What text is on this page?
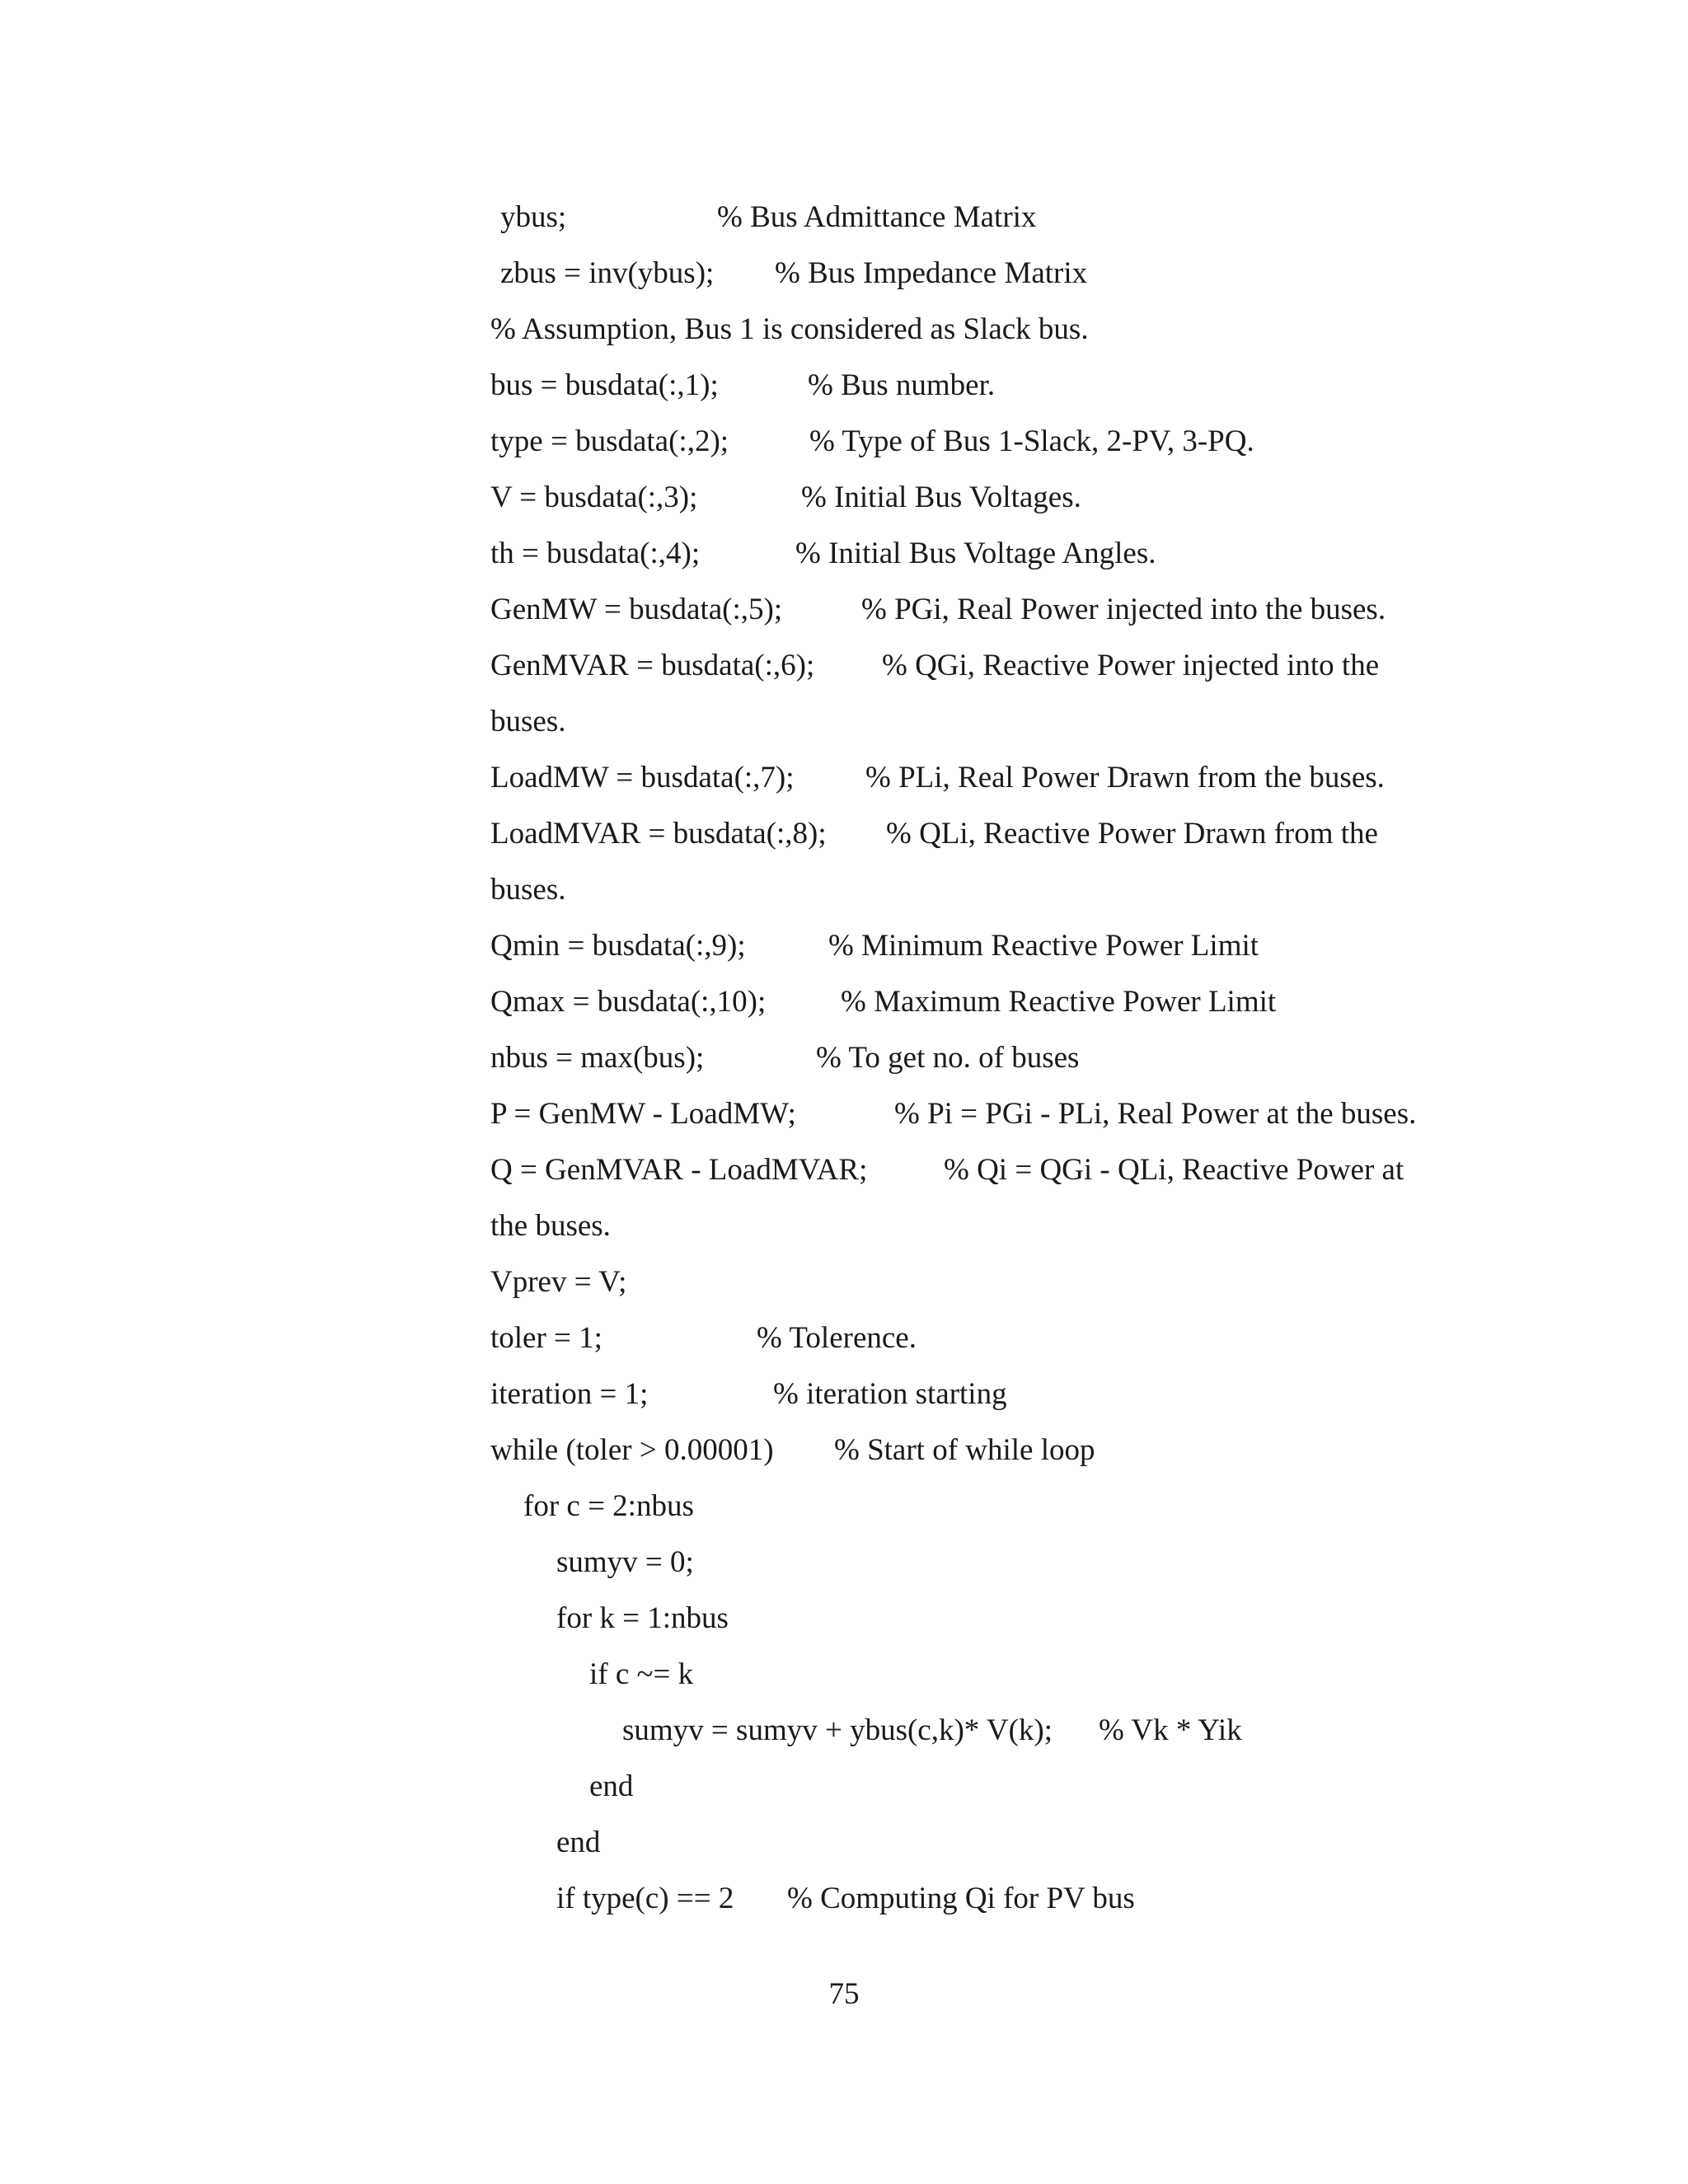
ybus;	% Bus Admittance Matrix
zbus = inv(ybus); % Bus Impedance Matrix
% Assumption, Bus 1 is considered as Slack bus.
bus = busdata(:,1);	% Bus number.
type = busdata(:,2);	% Type of Bus 1-Slack, 2-PV, 3-PQ.
V = busdata(:,3);	% Initial Bus Voltages.
th = busdata(:,4);	% Initial Bus Voltage Angles.
GenMW = busdata(:,5);	% PGi, Real Power injected into the buses.
GenMVAR = busdata(:,6); % QGi, Reactive Power injected into the
buses.
LoadMW = busdata(:,7); % PLi, Real Power Drawn from the buses.
LoadMVAR = busdata(:,8); % QLi, Reactive Power Drawn from the
buses.
Qmin = busdata(:,9);	% Minimum Reactive Power Limit
Qmax = busdata(:,10); % Maximum Reactive Power Limit
nbus = max(bus);	% To get no. of buses
P = GenMW - LoadMW;	% Pi = PGi - PLi, Real Power at the buses.
Q = GenMVAR - LoadMVAR;	% Qi = QGi - QLi, Reactive Power at
the buses.
Vprev = V;
toler = 1;	% Tolerence.
iteration = 1;	% iteration starting
while (toler > 0.00001) % Start of while loop
for c = 2:nbus
sumyv = 0;
for k = 1:nbus
if c ~= k
sumyv = sumyv + ybus(c,k)* V(k); % Vk * Yik
end
end
if type(c) == 2 % Computing Qi for PV bus
75
